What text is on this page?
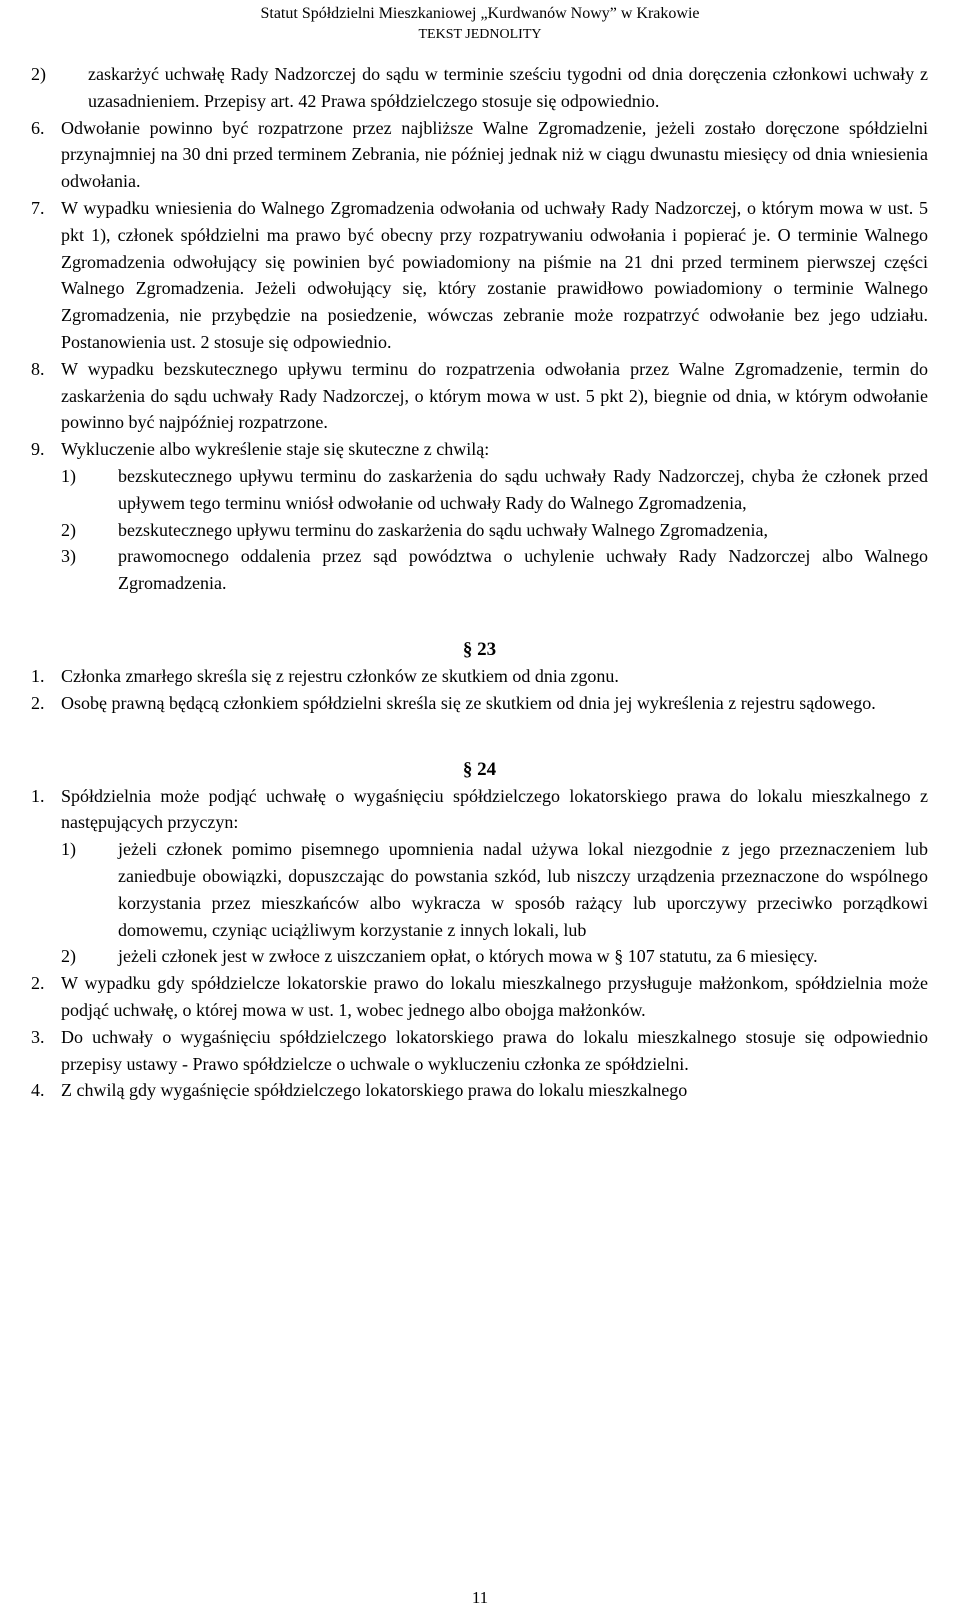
Statut Spółdzielni Mieszkaniowej „Kurdwanów Nowy” w Krakowie
TEKST JEDNOLITY
2) zaskarżyć uchwałę Rady Nadzorczej do sądu w terminie sześciu tygodni od dnia doręczenia członkowi uchwały z uzasadnieniem. Przepisy art. 42 Prawa spółdzielczego stosuje się odpowiednio.
6. Odwołanie powinno być rozpatrzone przez najbliższe Walne Zgromadzenie, jeżeli zostało doręczone spółdzielni przynajmniej na 30 dni przed terminem Zebrania, nie później jednak niż w ciągu dwunastu miesięcy od dnia wniesienia odwołania.
7. W wypadku wniesienia do Walnego Zgromadzenia odwołania od uchwały Rady Nadzorczej, o którym mowa w ust. 5 pkt 1), członek spółdzielni ma prawo być obecny przy rozpatrywaniu odwołania i popierać je. O terminie Walnego Zgromadzenia odwołujący się powinien być powiadomiony na piśmie na 21 dni przed terminem pierwszej części Walnego Zgromadzenia. Jeżeli odwołujący się, który zostanie prawidłowo powiadomiony o terminie Walnego Zgromadzenia, nie przybędzie na posiedzenie, wówczas zebranie może rozpatrzyć odwołanie bez jego udziału. Postanowienia ust. 2 stosuje się odpowiednio.
8. W wypadku bezskutecznego upływu terminu do rozpatrzenia odwołania przez Walne Zgromadzenie, termin do zaskarżenia do sądu uchwały Rady Nadzorczej, o którym mowa w ust. 5 pkt 2), biegnie od dnia, w którym odwołanie powinno być najpóźniej rozpatrzone.
9. Wykluczenie albo wykreślenie staje się skuteczne z chwilą:
1) bezskutecznego upływu terminu do zaskarżenia do sądu uchwały Rady Nadzorczej, chyba że członek przed upływem tego terminu wniósł odwołanie od uchwały Rady do Walnego Zgromadzenia,
2) bezskutecznego upływu terminu do zaskarżenia do sądu uchwały Walnego Zgromadzenia,
3) prawomocnego oddalenia przez sąd powództwa o uchylenie uchwały Rady Nadzorczej albo Walnego Zgromadzenia.
§ 23
1. Członka zmarłego skreśla się z rejestru członków ze skutkiem od dnia zgonu.
2. Osobę prawną będącą członkiem spółdzielni skreśla się ze skutkiem od dnia jej wykreślenia z rejestru sądowego.
§ 24
1. Spółdzielnia może podjąć uchwałę o wygaśnięciu spółdzielczego lokatorskiego prawa do lokalu mieszkalnego z następujących przyczyn:
1) jeżeli członek pomimo pisemnego upomnienia nadal używa lokal niezgodnie z jego przeznaczeniem lub zaniedbuje obowiązki, dopuszczając do powstania szkód, lub niszczy urządzenia przeznaczone do wspólnego korzystania przez mieszkańców albo wykracza w sposób rażący lub uporczywy przeciwko porządkowi domowemu, czyniąc uciążliwym korzystanie z innych lokali, lub
2) jeżeli członek jest w zwłoce z uiszczaniem opłat, o których mowa w § 107 statutu, za 6 miesięcy.
2. W wypadku gdy spółdzielcze lokatorskie prawo do lokalu mieszkalnego przysługuje małżonkom, spółdzielnia może podjąć uchwałę, o której mowa w ust. 1, wobec jednego albo obojga małżonków.
3. Do uchwały o wygaśnięciu spółdzielczego lokatorskiego prawa do lokalu mieszkalnego stosuje się odpowiednio przepisy ustawy - Prawo spółdzielcze o uchwale o wykluczeniu członka ze spółdzielni.
4. Z chwilą gdy wygaśnięcie spółdzielczego lokatorskiego prawa do lokalu mieszkalnego
11
